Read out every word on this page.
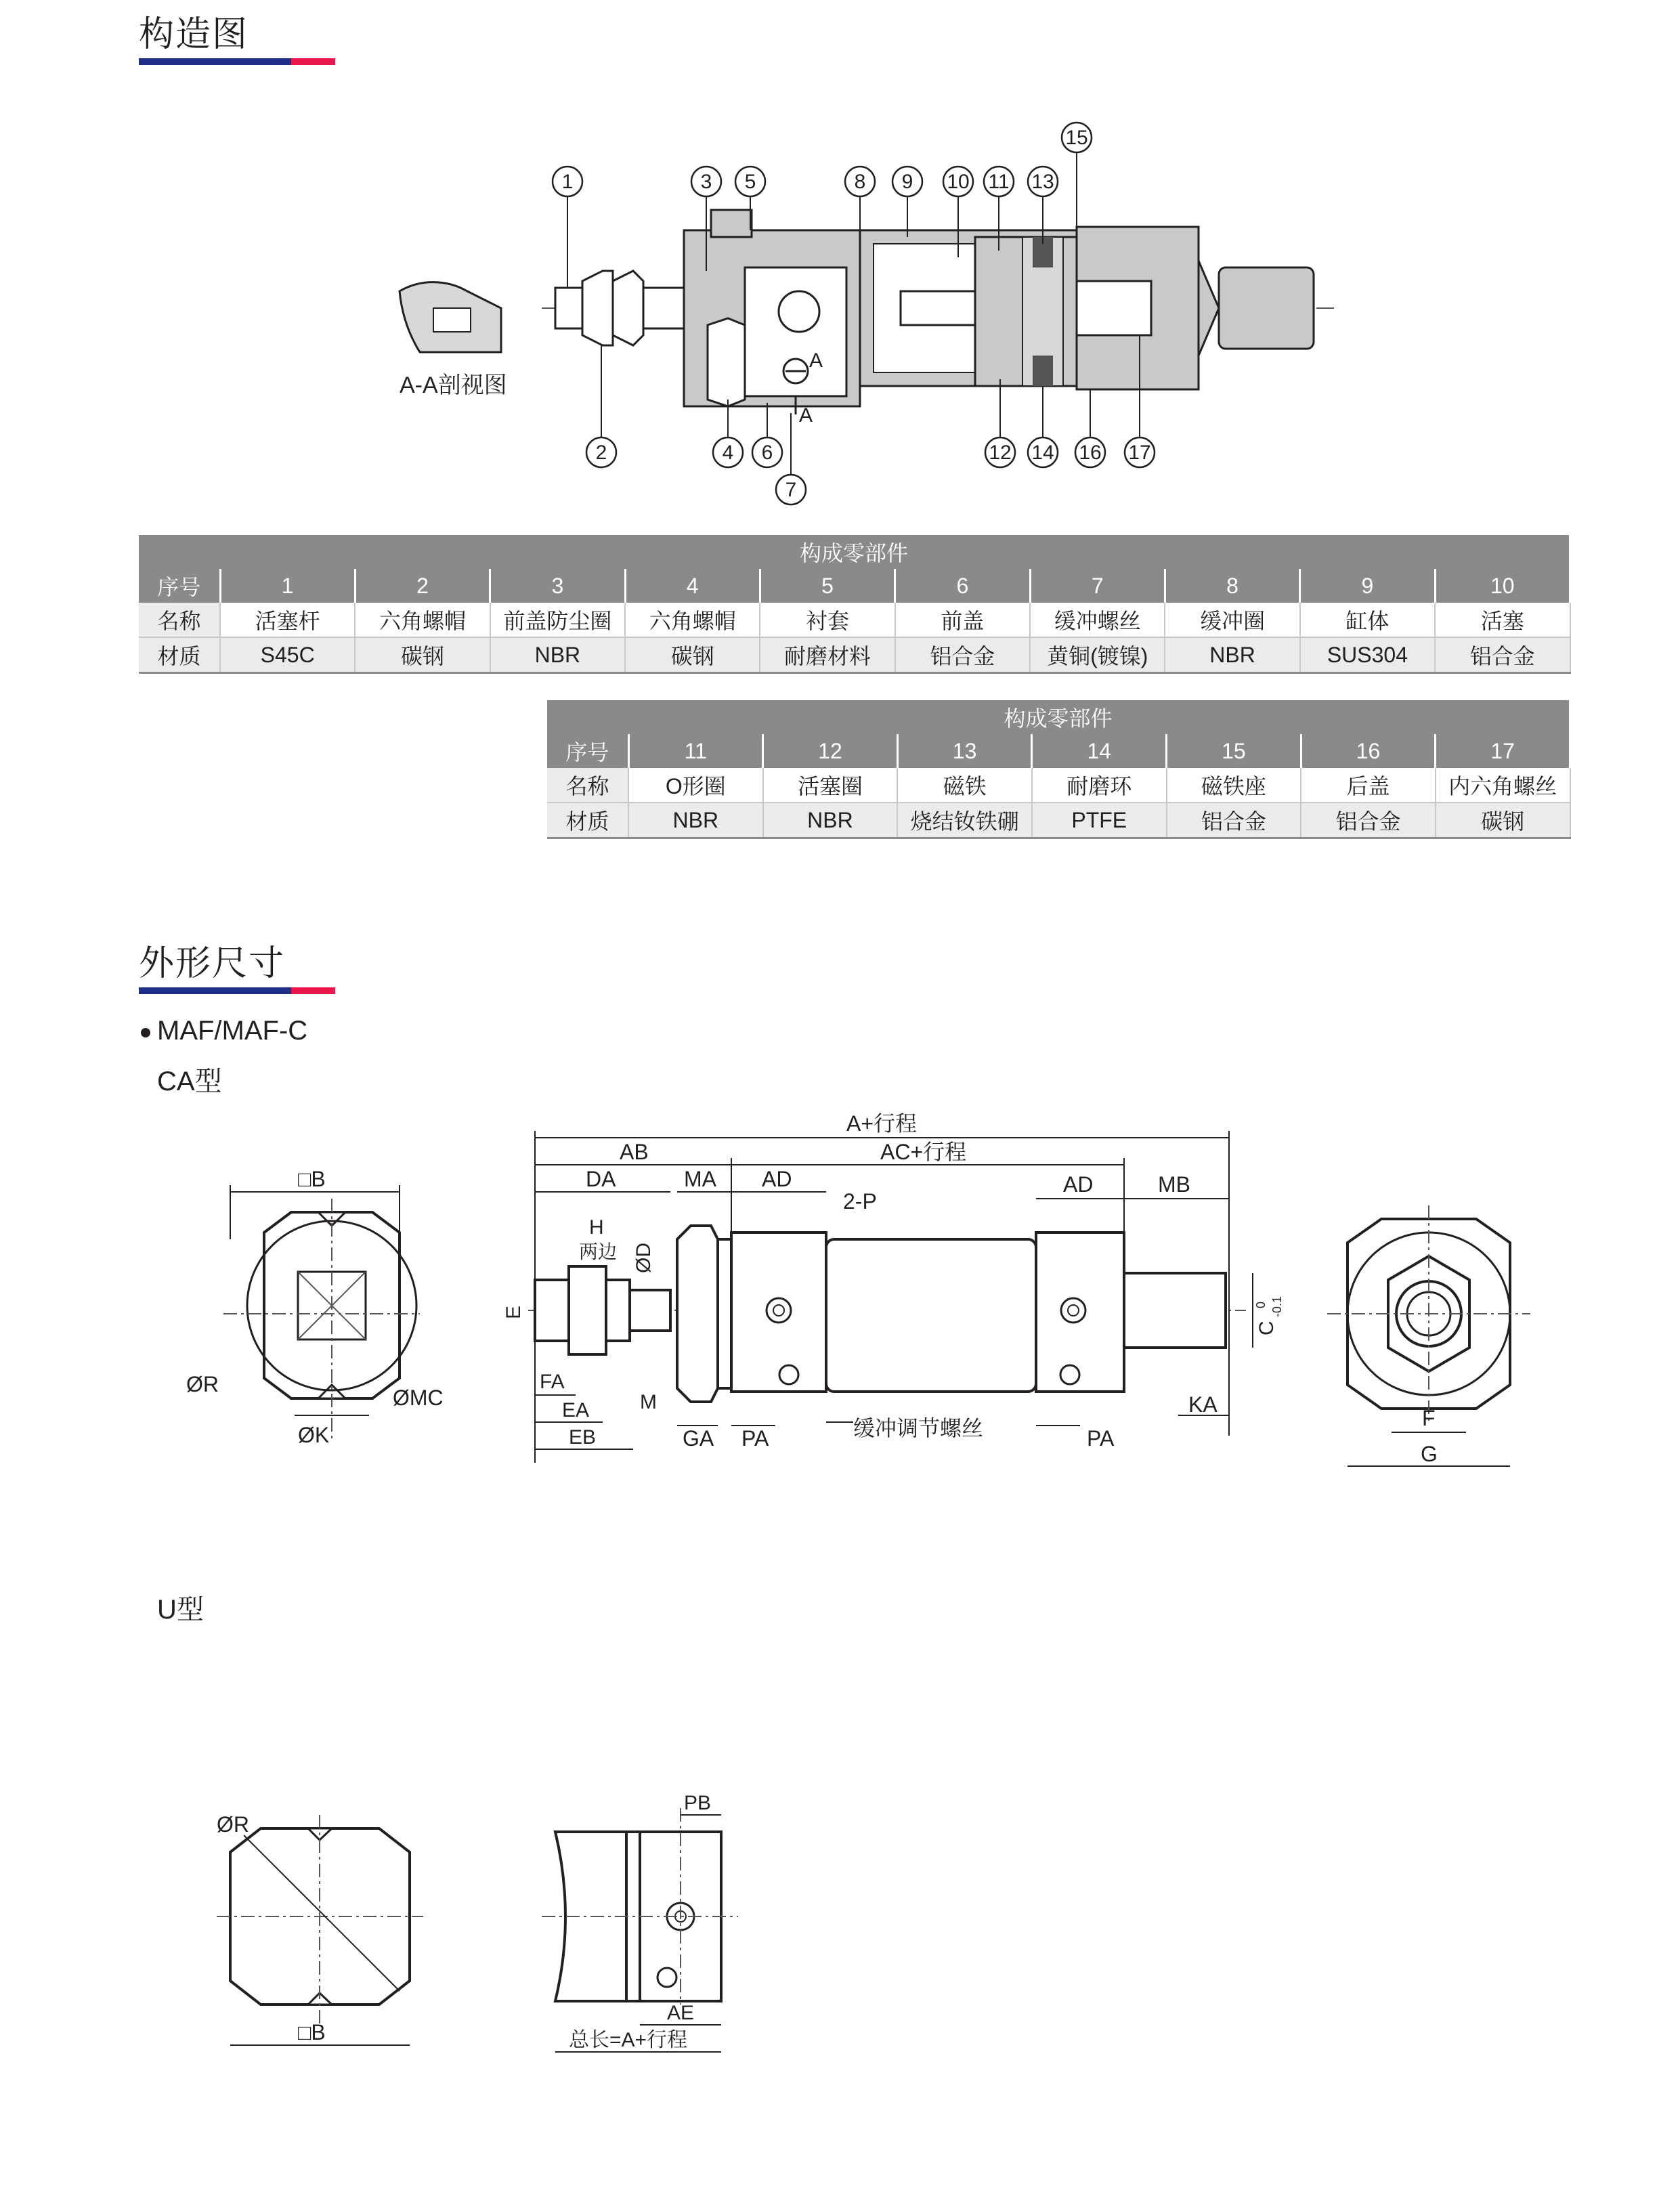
构造图
A-A剖视图
A
A
1
2
3
4
5
6
7
8 9 10 11
12
13
14
15
16 17
构成零部件										
序号	1	2	3	4	5	6	7	8	9	10
名称	活塞杆	六角螺帽	前盖防尘圈	六角螺帽	衬套	前盖	缓冲螺丝	缓冲圈	缸体	活塞
材质	S45C	碳钢	NBR	碳钢	耐磨材料	铝合金	黄铜(镀镍)	NBR	SUS304	铝合金
构成零部件							
序号	11	12	13	14	15	16	17
名称	O形圈	活塞圈	磁铁	耐磨环	磁铁座	后盖	内六角螺丝
材质	NBR	NBR	烧结钕铁硼	PTFE	铝合金	铝合金	碳钢
外形尺寸
MAF/MAF-C
CA型
U型
□B
ØR
ØMC
ØK
A+行程
AB	AC+行程
DA	MA AD
2-P
AD	MB
H
两边 ØD
E
FA
EA
EB
M
GA PA	缓冲调节螺丝	PA
KA
C
0 -0.1
F
G
ØR
□B
PB
AE
总长=A+行程
